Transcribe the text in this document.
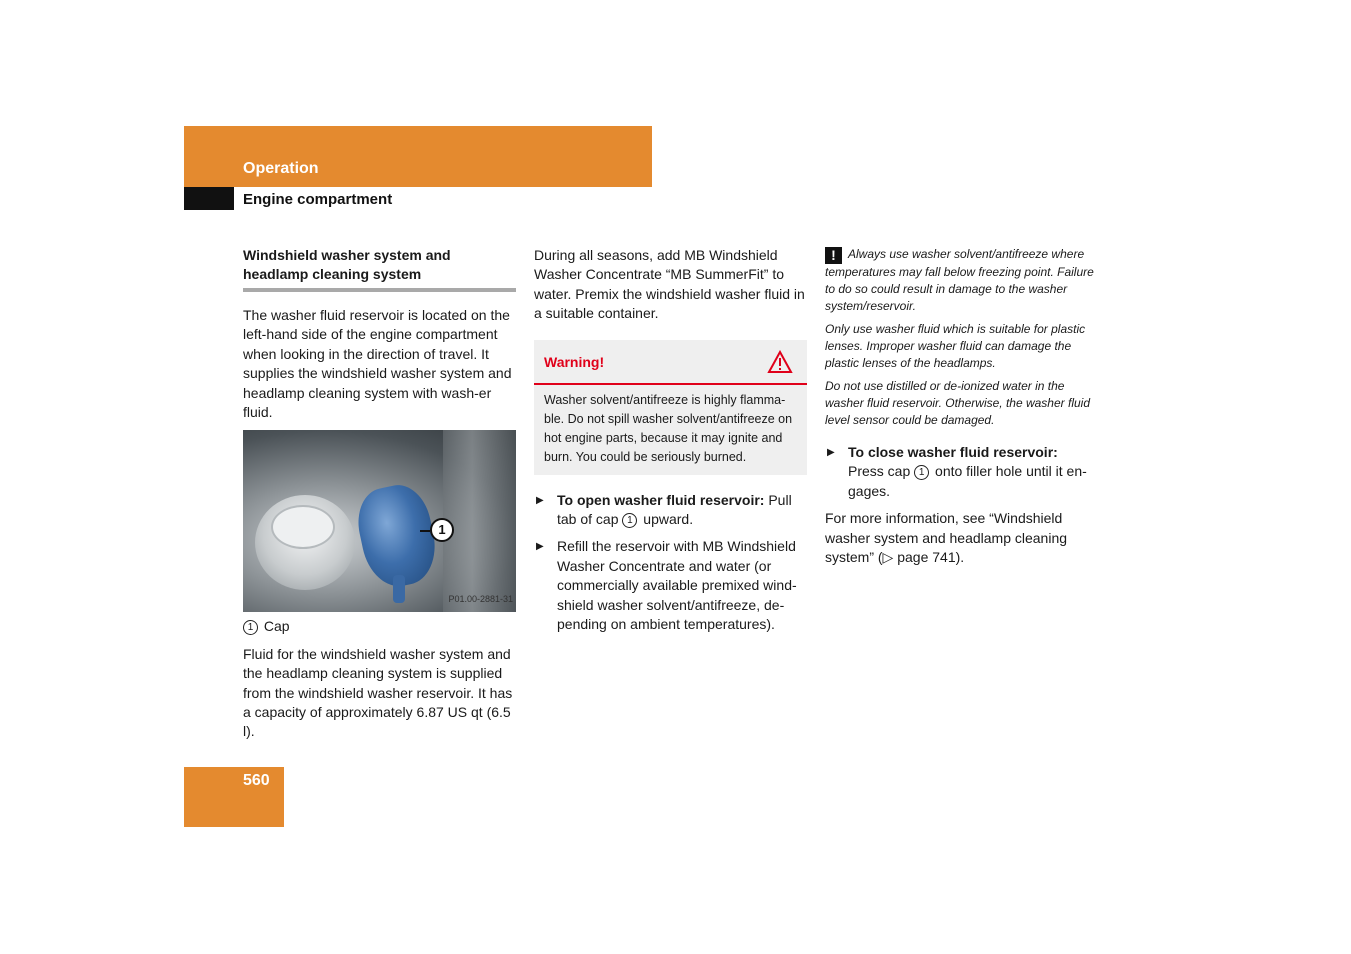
Operation
Engine compartment
Windshield washer system and headlamp cleaning system

The washer fluid reservoir is located on the left-hand side of the engine compartment when looking in the direction of travel. It supplies the windshield washer system and headlamp cleaning system with wash-er fluid.

1
P01.00-2881-31

1 Cap

Fluid for the windshield washer system and the headlamp cleaning system is supplied from the windshield washer reservoir. It has a capacity of approximately 6.87 US qt (6.5 l).

During all seasons, add MB Windshield Washer Concentrate “MB SummerFit” to water. Premix the windshield washer fluid in a suitable container.

Warning!
Washer solvent/antifreeze is highly flamma-ble. Do not spill washer solvent/antifreeze on hot engine parts, because it may ignite and burn. You could be seriously burned.
▶ To open washer fluid reservoir: Pull tab of cap 1 upward.
▶ Refill the reservoir with MB Windshield Washer Concentrate and water (or commercially available premixed wind-shield washer solvent/antifreeze, de-pending on ambient temperatures).

! Always use washer solvent/antifreeze where temperatures may fall below freezing point. Failure to do so could result in damage to the washer system/reservoir.

Only use washer fluid which is suitable for plastic lenses. Improper washer fluid can damage the plastic lenses of the headlamps.

Do not use distilled or de-ionized water in the washer fluid reservoir. Otherwise, the washer fluid level sensor could be damaged.

▶ To close washer fluid reservoir:
Press cap 1 onto filler hole until it en-gages.

For more information, see “Windshield washer system and headlamp cleaning system” (▷ page 741).

560
